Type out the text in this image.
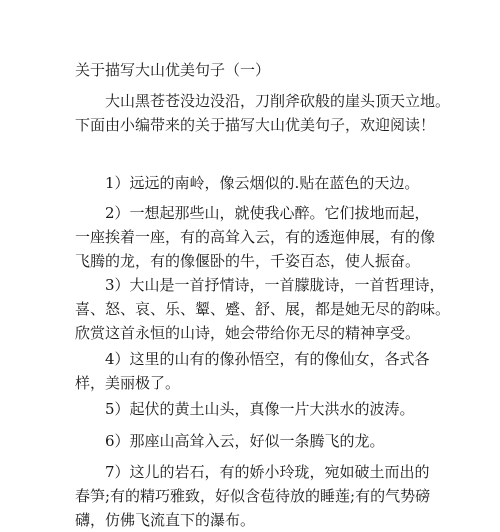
关于描写大山优美句子（一）

大山黑苍苍没边没沿，刀削斧砍般的崖头顶天立地。

下面由小编带来的关于描写大山优美句子，欢迎阅读！

1）远远的南岭，像云烟似的.贴在蓝色的天边。
2）一想起那些山，就使我心醉。它们拔地而起，
一座挨着一座，有的高耸入云，有的透迤伸展，有的像
飞腾的龙，有的像偃卧的牛，千姿百态，使人振奋。
3）大山是一首抒情诗，一首朦胧诗，一首哲理诗，
喜、怒、哀、乐、颦、蹙、舒、展，都是她无尽的韵味。
欣赏这首永恒的山诗，她会带给你无尽的精神享受。
4）这里的山有的像孙悟空，有的像仙女，各式各
样，美丽极了。
5）起伏的黄土山头，真像一片大洪水的波涛。
6）那座山高耸入云，好似一条腾飞的龙。
7）这儿的岩石，有的娇小玲珑，宛如破土而出的
春笋;有的精巧雅致，好似含苞待放的睡莲;有的气势磅
礴，仿佛飞流直下的瀑布。
